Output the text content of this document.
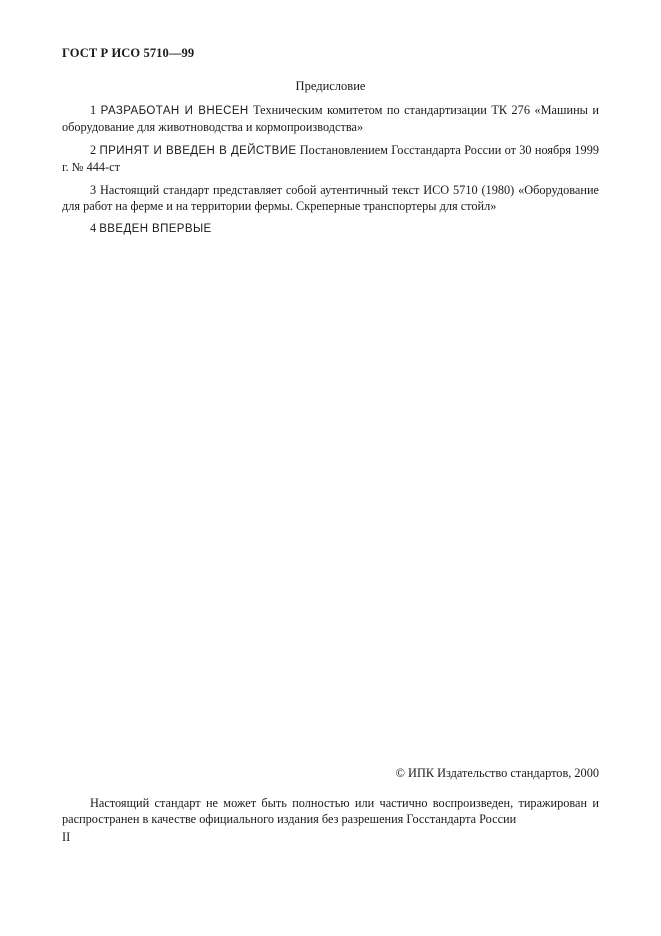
ГОСТ Р ИСО 5710—99
Предисловие

1 РАЗРАБОТАН И ВНЕСЕН Техническим комитетом по стандартизации ТК 276 «Машины и оборудование для животноводства и кормопроизводства»

2 ПРИНЯТ И ВВЕДЕН В ДЕЙСТВИЕ Постановлением Госстандарта России от 30 ноября 1999 г. № 444-ст

3 Настоящий стандарт представляет собой аутентичный текст ИСО 5710 (1980) «Оборудование для работ на ферме и на территории фермы. Скреперные транспортеры для стойл»

4 ВВЕДЕН ВПЕРВЫЕ

© ИПК Издательство стандартов, 2000

Настоящий стандарт не может быть полностью или частично воспроизведен, тиражирован и распространен в качестве официального издания без разрешения Госстандарта России

II
